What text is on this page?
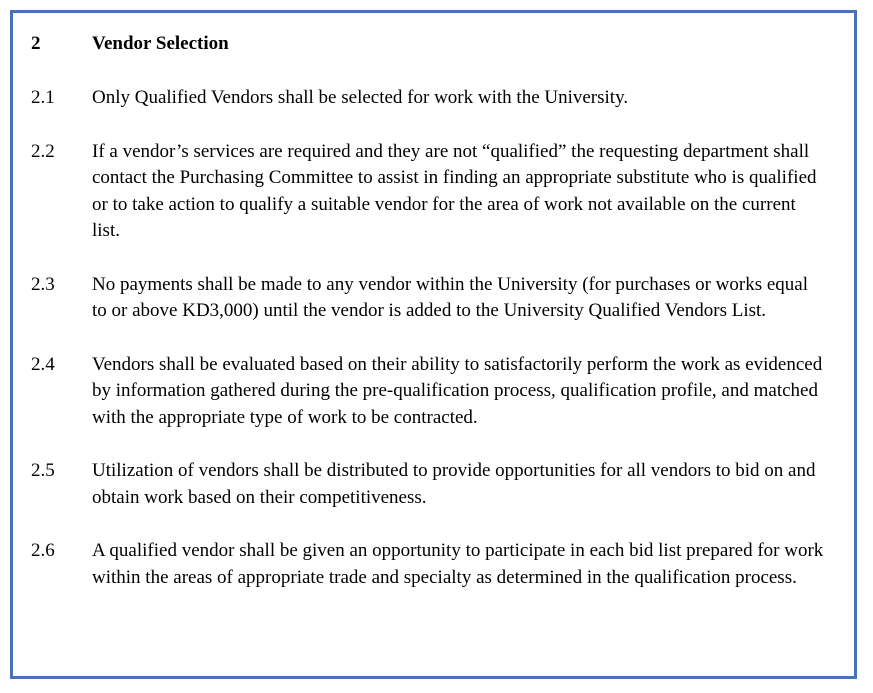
2	Vendor Selection
2.1	Only Qualified Vendors shall be selected for work with the University.
2.2	If a vendor’s services are required and they are not “qualified” the requesting department shall contact the Purchasing Committee to assist in finding an appropriate substitute who is qualified or to take action to qualify a suitable vendor for the area of work not available on the current list.
2.3	No payments shall be made to any vendor within the University (for purchases or works equal to or above KD3,000) until the vendor is added to the University Qualified Vendors List.
2.4	Vendors shall be evaluated based on their ability to satisfactorily perform the work as evidenced by information gathered during the pre-qualification process, qualification profile, and matched with the appropriate type of work to be contracted.
2.5	Utilization of vendors shall be distributed to provide opportunities for all vendors to bid on and obtain work based on their competitiveness.
2.6	A qualified vendor shall be given an opportunity to participate in each bid list prepared for work within the areas of appropriate trade and specialty as determined in the qualification process.
